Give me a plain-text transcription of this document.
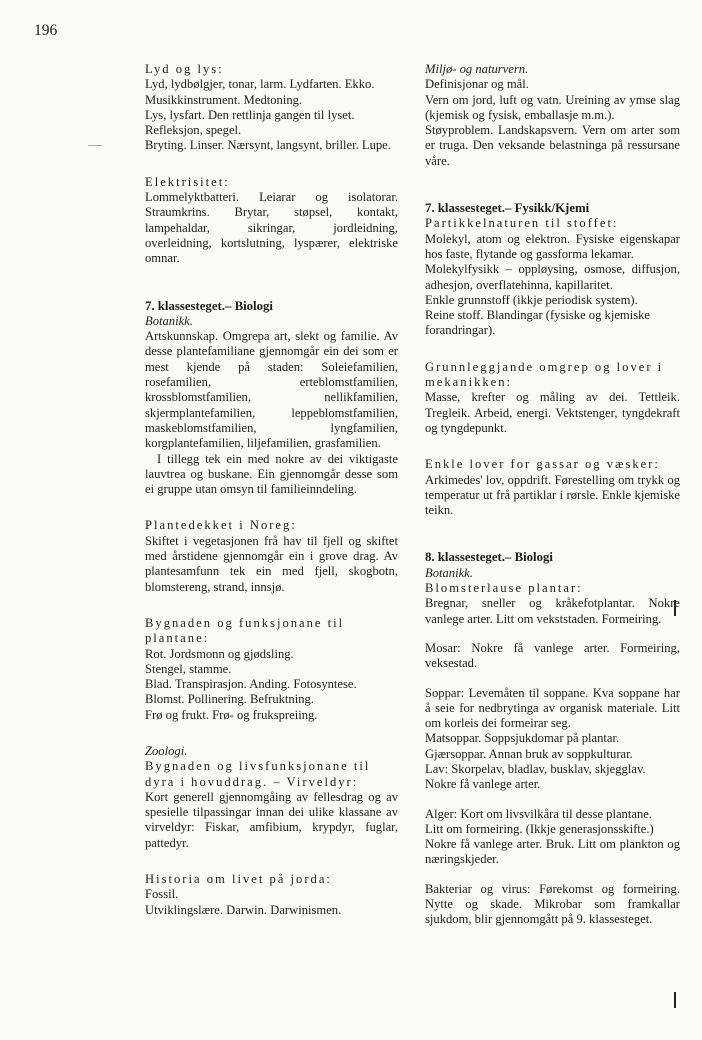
196

Lyd og lys:

Lyd, lydbølgjer, tonar, larm. Lydfarten. Ekko.

Musikkinstrument. Medtoning.

Lys, lysfart. Den rettlinja gangen til lyset. Refleksjon, spegel.

Bryting. Linser. Nærsynt, langsynt, briller. Lupe.

Elektrisitet:

Lommelyktbatteri. Leiarar og isolatorar. Straumkrins. Brytar, støpsel, kontakt, lampehaldar, sikringar, jordleidning, overleidning, kortslutning, lyspærer, elektriske omnar.

7. klassesteget.– Biologi

Botanikk.

Artskunnskap. Omgrepa art, slekt og familie. Av desse plantefamiliane gjennomgår ein dei som er mest kjende på staden: Soleiefamilien, rosefamilien, erteblomstfamilien, krossblomstfamilien, nellikfamilien, skjermplantefamilien, leppeblomstfamilien, maskeblomstfamilien, lyngfamilien, korgplantefamilien, liljefamilien, grasfamilien.

I tillegg tek ein med nokre av dei viktigaste lauvtrea og buskane. Ein gjennomgår desse som ei gruppe utan omsyn til familieinndeling.

Plantedekket i Noreg:

Skiftet i vegetasjonen frå hav til fjell og skiftet med årstidene gjennomgår ein i grove drag. Av plantesamfunn tek ein med fjell, skogbotn, blomstereng, strand, innsjø.

Bygnaden og funksjonane til plantane:

Rot. Jordsmonn og gjødsling.

Stengel, stamme.

Blad. Transpirasjon. Anding. Fotosyntese.

Blomst. Pollinering. Befruktning.

Frø og frukt. Frø- og frukspreiing.

Zoologi.

Bygnaden og livsfunksjonane til dyra i hovuddrag. – Virveldyr:

Kort generell gjennomgåing av fellesdrag og av spesielle tilpassingar innan dei ulike klassane av virveldyr: Fiskar, amfibium, krypdyr, fuglar, pattedyr.

Historia om livet på jorda:

Fossil.

Utviklingslære. Darwin. Darwinismen.

Miljø- og naturvern.

Definisjonar og mål.

Vern om jord, luft og vatn. Ureining av ymse slag (kjemisk og fysisk, emballasje m.m.).

Støyproblem. Landskapsvern. Vern om arter som er truga. Den veksande belastninga på ressursane våre.

7. klassesteget.– Fysikk/Kjemi

Partikkelnaturen til stoffet:

Molekyl, atom og elektron. Fysiske eigenskapar hos faste, flytande og gassforma lekamar.

Molekylfysikk – oppløysing, osmose, diffusjon, adhesjon, overflatehinna, kapillaritet.

Enkle grunnstoff (ikkje periodisk system).

Reine stoff. Blandingar (fysiske og kjemiske forandringar).

Grunnleggjande omgrep og lover i mekanikken:

Masse, krefter og måling av dei. Tettleik. Tregleik. Arbeid, energi. Vektstenger, tyngdekraft og tyngdepunkt.

Enkle lover for gassar og væsker:

Arkimedes' lov, oppdrift. Førestelling om trykk og temperatur ut frå partiklar i rørsle. Enkle kjemiske teikn.

8. klassesteget.– Biologi

Botanikk.

Blomsterlause plantar:

Bregnar, sneller og kråkefotplantar. Nokre vanlege arter. Litt om vekststaden. Formeiring.

Mosar: Nokre få vanlege arter. Formeiring, veksestad.

Soppar: Levemåten til soppane. Kva soppane har å seie for nedbrytinga av organisk materiale. Litt om korleis dei formeirar seg.

Matsoppar. Soppsjukdomar på plantar.

Gjærsoppar. Annan bruk av soppkulturar.

Lav: Skorpelav, bladlav, busklav, skjegglav.

Nokre få vanlege arter.

Alger: Kort om livsvilkåra til desse plantane.

Litt om formeiring. (Ikkje generasjonsskifte.)

Nokre få vanlege arter. Bruk. Litt om plankton og næringskjeder.

Bakteriar og virus: Førekomst og formeiring. Nytte og skade. Mikrobar som framkallar sjukdom, blir gjennomgått på 9. klassesteget.
